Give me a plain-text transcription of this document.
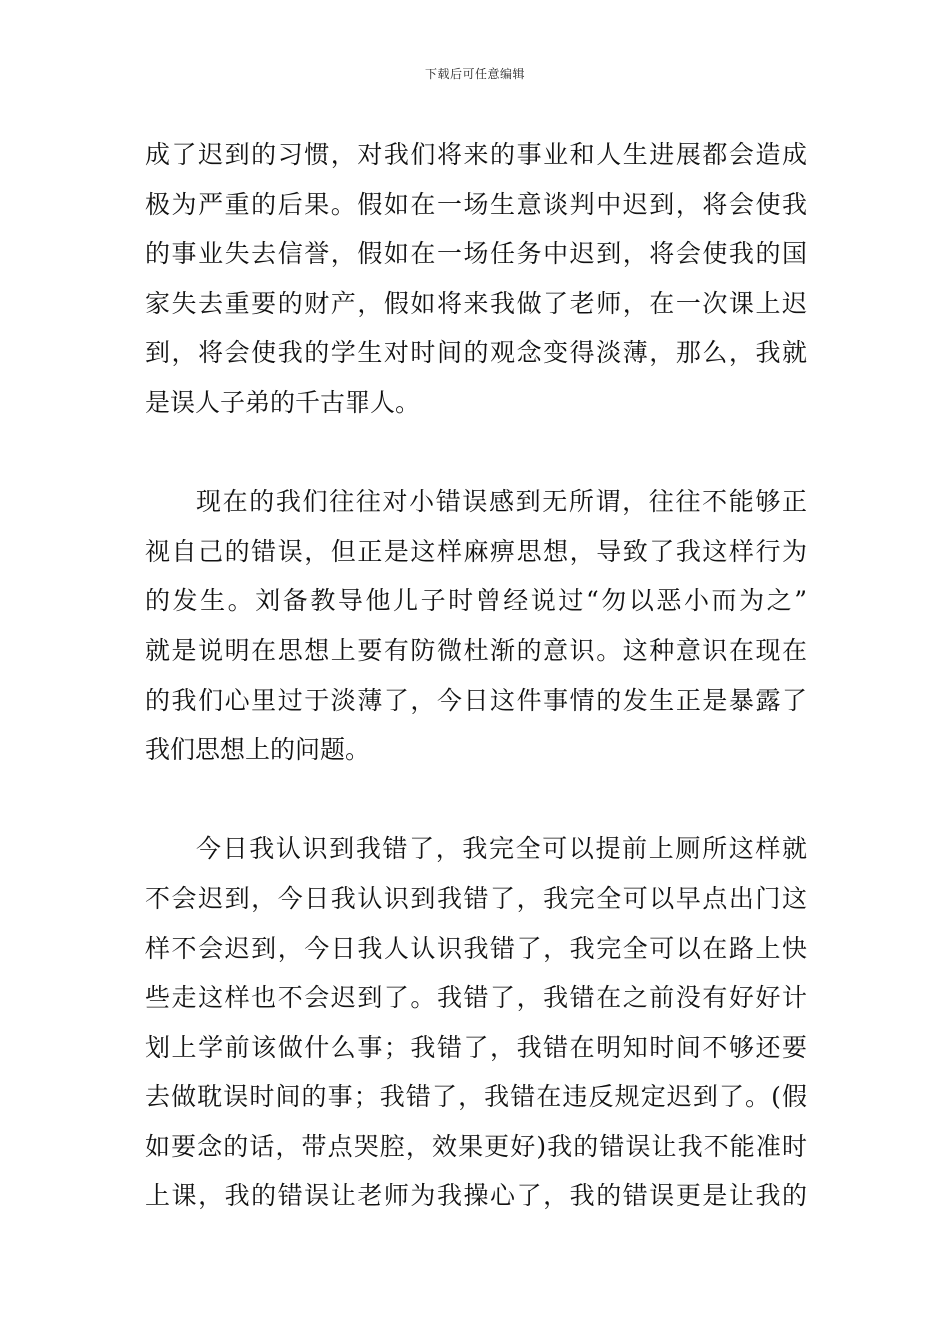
下载后可任意编辑
成了迟到的习惯，对我们将来的事业和人生进展都会造成
极为严重的后果。假如在一场生意谈判中迟到，将会使我
的事业失去信誉，假如在一场任务中迟到，将会使我的国
家失去重要的财产，假如将来我做了老师，在一次课上迟
到，将会使我的学生对时间的观念变得淡薄，那么，我就
是误人子弟的千古罪人。
现在的我们往往对小错误感到无所谓，往往不能够正
视自己的错误，但正是这样麻痹思想，导致了我这样行为
的发生。刘备教导他儿子时曾经说过“勿以恶小而为之”
就是说明在思想上要有防微杜渐的意识。这种意识在现在
的我们心里过于淡薄了，今日这件事情的发生正是暴露了
我们思想上的问题。
今日我认识到我错了，我完全可以提前上厕所这样就
不会迟到，今日我认识到我错了，我完全可以早点出门这
样不会迟到，今日我人认识我错了，我完全可以在路上快
些走这样也不会迟到了。我错了，我错在之前没有好好计
划上学前该做什么事；我错了，我错在明知时间不够还要
去做耽误时间的事；我错了，我错在违反规定迟到了。(假
如要念的话，带点哭腔，效果更好)我的错误让我不能准时
上课，我的错误让老师为我操心了，我的错误更是让我的
